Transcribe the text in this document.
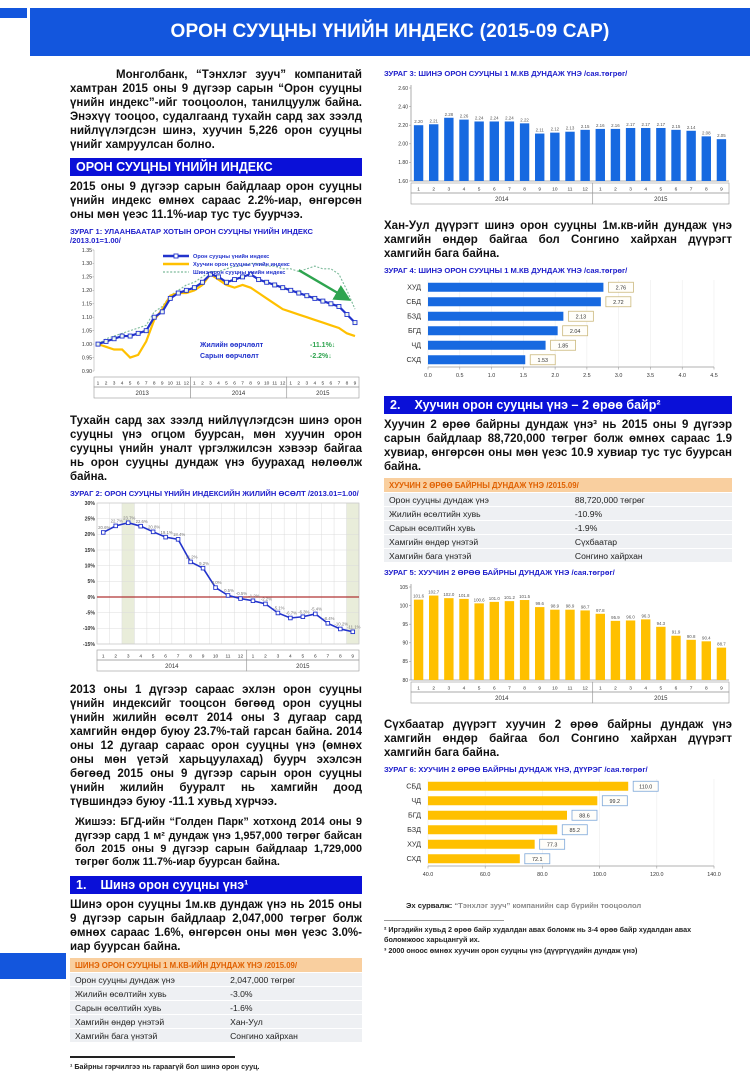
ОРОН СУУЦНЫ ҮНИЙН ИНДЕКС (2015-09 САР)

Монголбанк, “Тэнхлэг зууч” компанитай хамтран 2015 оны 9 дүгээр сарын “Орон сууцны үнийн индекс”-ийг тооцоолон, танилцуулж байна. Энэхүү тооцоо, судалгаанд тухайн сард зах зээлд нийлүүлэгдсэн шинэ, хуучин 5,226 орон сууцны үнийг хамруулсан болно.

ОРОН СУУЦНЫ ҮНИЙН ИНДЕКС

2015 оны 9 дүгээр сарын байдлаар орон сууцны үнийн индекс өмнөх сараас 2.2%-иар, өнгөрсөн оны мөн үеэс 11.1%-иар тус тус буурчээ.

ЗУРАГ 1: УЛААНБААТАР ХОТЫН ОРОН СУУЦНЫ ҮНИЙН ИНДЕКС /2013.01=1.00/
0.90
0.95
1.00
1.05
1.10
1.15
1.20
1.25
1.30
1.35
2013
1 2 3 4 5 6 7 8 9 10 11 12
2014
1 2 3 4 5 6 7 8 9 10 11 12
2015
1 2 3 4 5 6 7 8 9
Орон сууцны үнийн индекс
Хуучин орон сууцны үнийн индекс
Шинэ орон сууцны үнийн индекс
Жилийн өөрчлөлт	-11.1%↓
Сарын өөрчлөлт	-2.2%↓

Тухайн сард зах зээлд нийлүүлэгдсэн шинэ орон сууцны үнэ огцом буурсан, мөн хуучин орон сууцны үнийн уналт үргэлжилсэн хэвээр байгаа нь орон сууцны дундаж үнэ буурахад нөлөөлж байна.

ЗУРАГ 2: ОРОН СУУЦНЫ ҮНИЙН ИНДЕКСИЙН ЖИЛИЙН ӨСӨЛТ /2013.01=1.00/
2014
1 2 3 4 5 6 7 8 9 10 11 12
2015
1 2 3 4 5 6 7 8 9
-15%
-10%
-5%
0%
5%
10%
15%
20%
25%
30%
20.6%
22.7%
23.7%
22.6%
20.8%
19.1% 18.4%
11.2%
9.2%
3.0%
0.5%
-0.5% -1.2%
-2.2%
-5.1%
-6.7% -6.3%
-5.4%
-8.4%
-10.2%
-11.1%

2013 оны 1 дүгээр сараас эхлэн орон сууцны үнийн индексийг тооцсон бөгөөд орон сууцны үнийн жилийн өсөлт 2014 оны 3 дугаар сард хамгийн өндөр буюу 23.7%-тай гарсан байна. 2014 оны 12 дугаар сараас орон сууцны үнэ (өмнөх оны мөн үетэй харьцуулахад) буурч эхэлсэн бөгөөд 2015 оны 9 дүгээр сарын орон сууцны үнийн жилийн бууралт нь хамгийн доод түвшиндээ буюу -11.1 хувьд хүрчээ.

Жишээ: БГД-ийн “Голден Парк” хотхонд 2014 оны 9 дүгээр сард 1 м² дундаж үнэ 1,957,000 төгрөг байсан бол 2015 оны 9 дүгээр сарын байдлаар 1,729,000 төгрөг болж 11.7%-иар буурсан байна.

1. Шинэ орон сууцны үнэ¹

Шинэ орон сууцны 1м.кв дундаж үнэ нь 2015 оны 9 дүгээр сарын байдлаар 2,047,000 төгрөг болж өмнөх сараас 1.6%, өнгөрсөн оны мөн үеэс 3.0%-иар буурсан байна.

ШИНЭ ОРОН СУУЦНЫ 1 М.КВ-ИЙН ДУНДАЖ ҮНЭ /2015.09/
Орон сууцны дундаж үнэ	2,047,000 төгрөг
Жилийн өсөлтийн хувь	-3.0%
Сарын өсөлтийн хувь	-1.6%
Хамгийн өндөр үнэтэй	Хан-Уул
Хамгийн бага үнэтэй	Сонгино хайрхан
¹ Байрны гэрчилгээ нь гараагүй бол шинэ орон сууц.
ЗУРАГ 3: ШИНЭ ОРОН СУУЦНЫ 1 М.КВ ДУНДАЖ ҮНЭ /сая.төгрөг/
1.60
1.80
2.00
2.20
2.40
2.60
2014
1	2	3	4	5	6	7	8	9 10 11 12
2015
1	2	3	4	5	6	7	8	9
2.20 2.21
2.28 2.26 2.24 2.24 2.24 2.22
2.11 2.12 2.13 2.15 2.16 2.16 2.17 2.17 2.17 2.15 2.14
2.08
2.05

Хан-Уул дүүрэгт шинэ орон сууцны 1м.кв-ийн дундаж үнэ хамгийн өндөр байгаа бол Сонгино хайрхан дүүрэгт хамгийн бага байна.

ЗУРАГ 4: ШИНЭ ОРОН СУУЦНЫ 1 М.КВ ДУНДАЖ ҮНЭ /сая.төгрөг/
0.0	0.5	1.0	1.5	2.0	2.5	3.0	3.5	4.0	4.5
ХУД	2.76
СБД	2.72
БЗД	2.13
БГД	2.04
ЧД	1.85
СХД	1.53
2. Хуучин орон сууцны үнэ – 2 өрөө байр²

Хуучин 2 өрөө байрны дундаж үнэ³ нь 2015 оны 9 дүгээр сарын байдлаар 88,720,000 төгрөг болж өмнөх сараас 1.9 хувиар, өнгөрсөн оны мөн үеэс 10.9 хувиар тус тус буурсан байна.

ХУУЧИН 2 ӨРӨӨ БАЙРНЫ ДУНДАЖ ҮНЭ /2015.09/
Орон сууцны дундаж үнэ	88,720,000 төгрөг
Жилийн өсөлтийн хувь	-10.9%
Сарын өсөлтийн хувь	-1.9%
Хамгийн өндөр үнэтэй	Сүхбаатар
Хамгийн бага үнэтэй	Сонгино хайрхан
ЗУРАГ 5: ХУУЧИН 2 ӨРӨӨ БАЙРНЫ ДУНДАЖ ҮНЭ /сая.төгрөг/
80
85
90
95
100
105
2014
1	2	3	4	5	6	7	8	9 10 11 12
2015
1	2	3	4	5	6	7	8	9
101.6
102.7
102.0 101.8
100.6 101.0 101.2 101.5
99.6
98.9 98.9 98.7
97.8
95.9 96.0 96.3
94.3
91.9
90.8 90.4
88.7

Сүхбаатар дүүрэгт хуучин 2 өрөө байрны дундаж үнэ хамгийн өндөр байгаа бол Сонгино хайрхан дүүрэгт хамгийн бага байна.

ЗУРАГ 6: ХУУЧИН 2 ӨРӨӨ БАЙРНЫ ДУНДАЖ ҮНЭ, ДҮҮРЭГ /сая.төгрөг/
40.0	60.0	80.0	100.0	120.0	140.0
СБД	110.0
ЧД	99.2
БГД	88.6
БЗД	85.2
ХУД	77.3
СХД	72.1
Эх сурвалж: “Тэнхлэг зууч” компанийн сар бүрийн тооцоолол
² Иргэдийн хувьд 2 өрөө байр худалдан авах боломж нь 3-4 өрөө байр худалдан авах боломжоос харьцангуй их.
³ 2000 оноос өмнөх хуучин орон сууцны үнэ (дүүргүүдийн дундаж үнэ)
